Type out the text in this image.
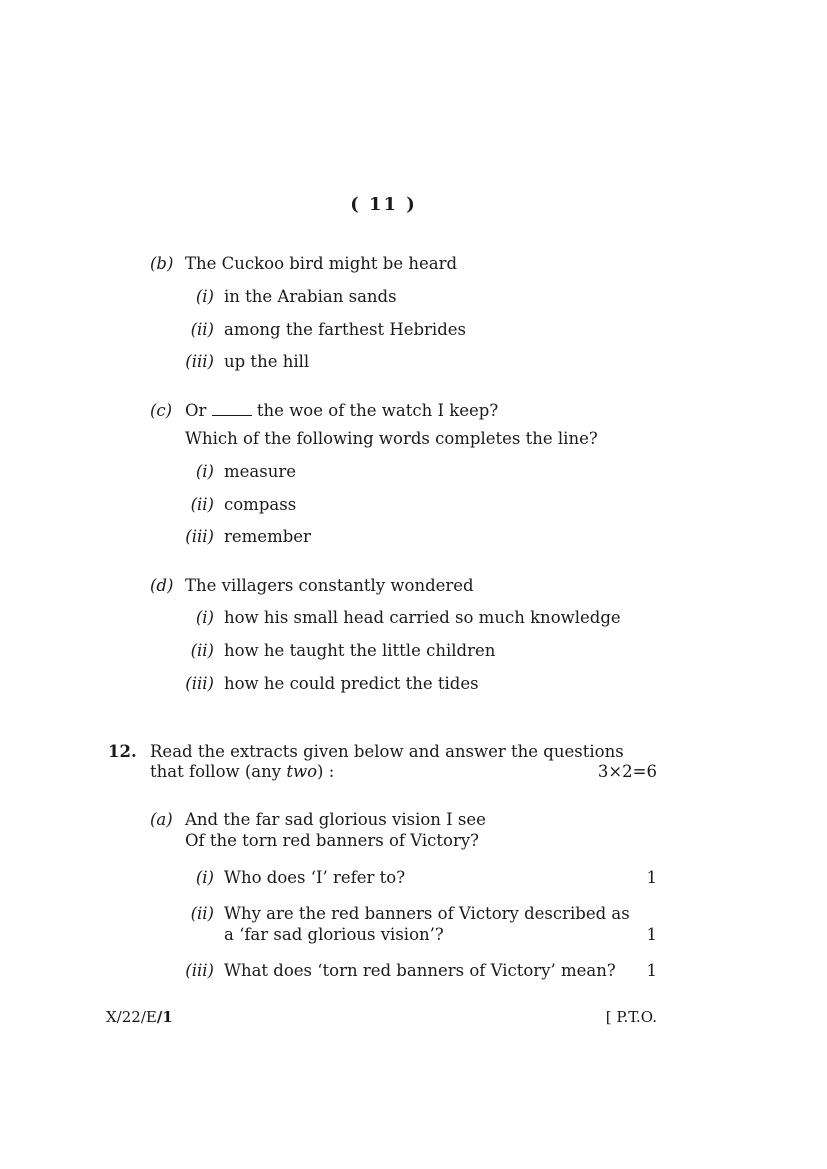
( 11 )
(b) The Cuckoo bird might be heard
(i) in the Arabian sands
(ii) among the farthest Hebrides
(iii) up the hill
(c) Or	the woe of the watch I keep?
Which of the following words completes the line?
(i) measure
(ii) compass
(iii) remember
(d) The villagers constantly wondered
(i) how his small head carried so much knowledge
(ii) how he taught the little children
(iii) how he could predict the tides
12. Read the extracts given below and answer the questions
that follow (any two) :	3×2=6
(a) And the far sad glorious vision I see
Of the torn red banners of Victory?
(i) Who does ‘I’ refer to?	1
(ii) Why are the red banners of Victory described as
a ‘far sad glorious vision’?	1
(iii) What does ‘torn red banners of Victory’ mean? 1
X/22/E/1	[ P.T.O.
